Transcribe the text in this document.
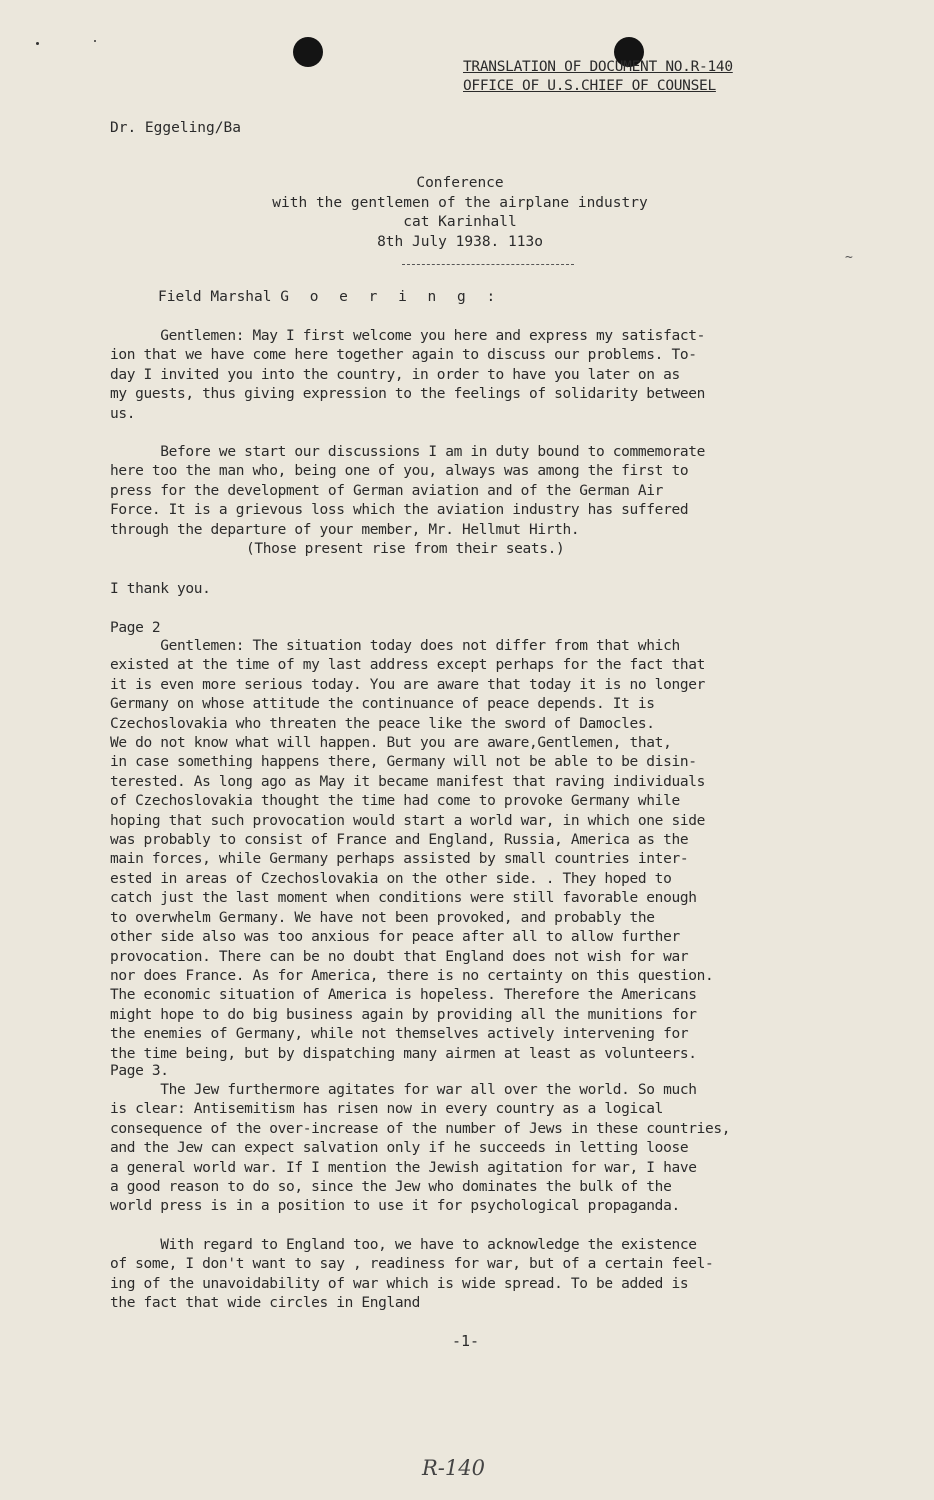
~
TRANSLATION OF DOCUMENT NO.R-140
OFFICE OF U.S.CHIEF OF COUNSEL
Dr. Eggeling/Ba
Conference
with the gentlemen of the airplane industry
cat Karinhall
8th July 1938. 113o
Field Marshal G o e r i n g :
Gentlemen: May I first welcome you here and express my satisfact-
ion that we have come here together again to discuss our problems. To-
day I invited you into the country, in order to have you later on as
my guests, thus giving expression to the feelings of solidarity between
us.
Before we start our discussions I am in duty bound to commemorate
here too the man who, being one of you, always was among the first to
press for the development of German aviation and of the German Air
Force. It is a grievous loss which the aviation industry has suffered
through the departure of your member, Mr. Hellmut Hirth.
(Those present rise from their seats.)
I thank you.
Page 2
Gentlemen: The situation today does not differ from that which
existed at the time of my last address except perhaps for the fact that
it is even more serious today. You are aware that today it is no longer
Germany on whose attitude the continuance of peace depends. It is
Czechoslovakia who threaten the peace like the sword of Damocles.
We do not know what will happen. But you are aware,Gentlemen, that,
in case something happens there, Germany will not be able to be disin-
terested. As long ago as May it became manifest that raving individuals
of Czechoslovakia thought the time had come to provoke Germany while
hoping that such provocation would start a world war, in which one side
was probably to consist of France and England, Russia, America as the
main forces, while Germany perhaps assisted by small countries inter-
ested in areas of Czechoslovakia on the other side. . They hoped to
catch just the last moment when conditions were still favorable enough
to overwhelm Germany. We have not been provoked, and probably the
other side also was too anxious for peace after all to allow further
provocation. There can be no doubt that England does not wish for war
nor does France. As for America, there is no certainty on this question.
The economic situation of America is hopeless. Therefore the Americans
might hope to do big business again by providing all the munitions for
the enemies of Germany, while not themselves actively intervening for
the time being, but by dispatching many airmen at least as volunteers.
Page 3.
The Jew furthermore agitates for war all over the world. So much
is clear: Antisemitism has risen now in every country as a logical
consequence of the over-increase of the number of Jews in these countries,
and the Jew can expect salvation only if he succeeds in letting loose
a general world war. If I mention the Jewish agitation for war, I have
a good reason to do so, since the Jew who dominates the bulk of the
world press is in a position to use it for psychological propaganda.
With regard to England too, we have to acknowledge the existence
of some, I don't want to say , readiness for war, but of a certain feel-
ing of the unavoidability of war which is wide spread. To be added is
the fact that wide circles in England
-1-
R-140
